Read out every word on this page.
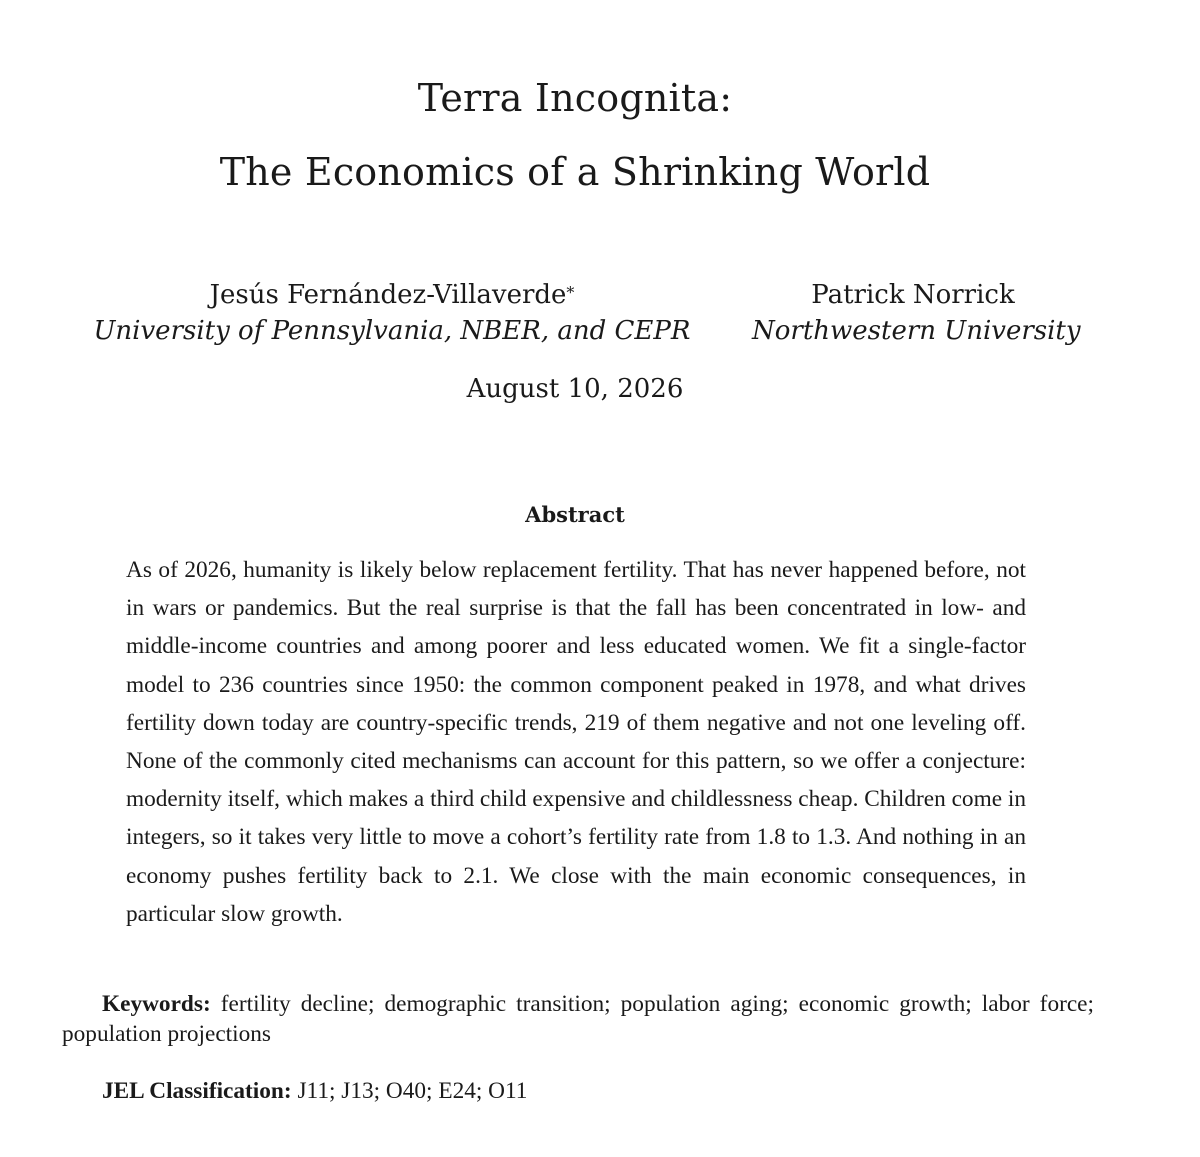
Terra Incognita:
The Economics of a Shrinking World
Jesús Fernández-Villaverde*
University of Pennsylvania, NBER, and CEPR
Patrick Norrick
Northwestern University
August 10, 2026
Abstract

As of 2026, humanity is likely below replacement fertility. That has never happened before, not in wars or pandemics. But the real surprise is that the fall has been concentrated in low- and middle-income countries and among poorer and less educated women. We fit a single-factor model to 236 countries since 1950: the common component peaked in 1978, and what drives fertility down today are country-specific trends, 219 of them negative and not one leveling off. None of the commonly cited mechanisms can account for this pattern, so we offer a conjecture: modernity itself, which makes a third child expensive and childlessness cheap. Children come in integers, so it takes very little to move a cohort’s fertility rate from 1.8 to 1.3. And nothing in an economy pushes fertility back to 2.1. We close with the main economic consequences, in particular slow growth.

Keywords: fertility decline; demographic transition; population aging; economic growth; labor force; population projections

JEL Classification: J11; J13; O40; E24; O11
